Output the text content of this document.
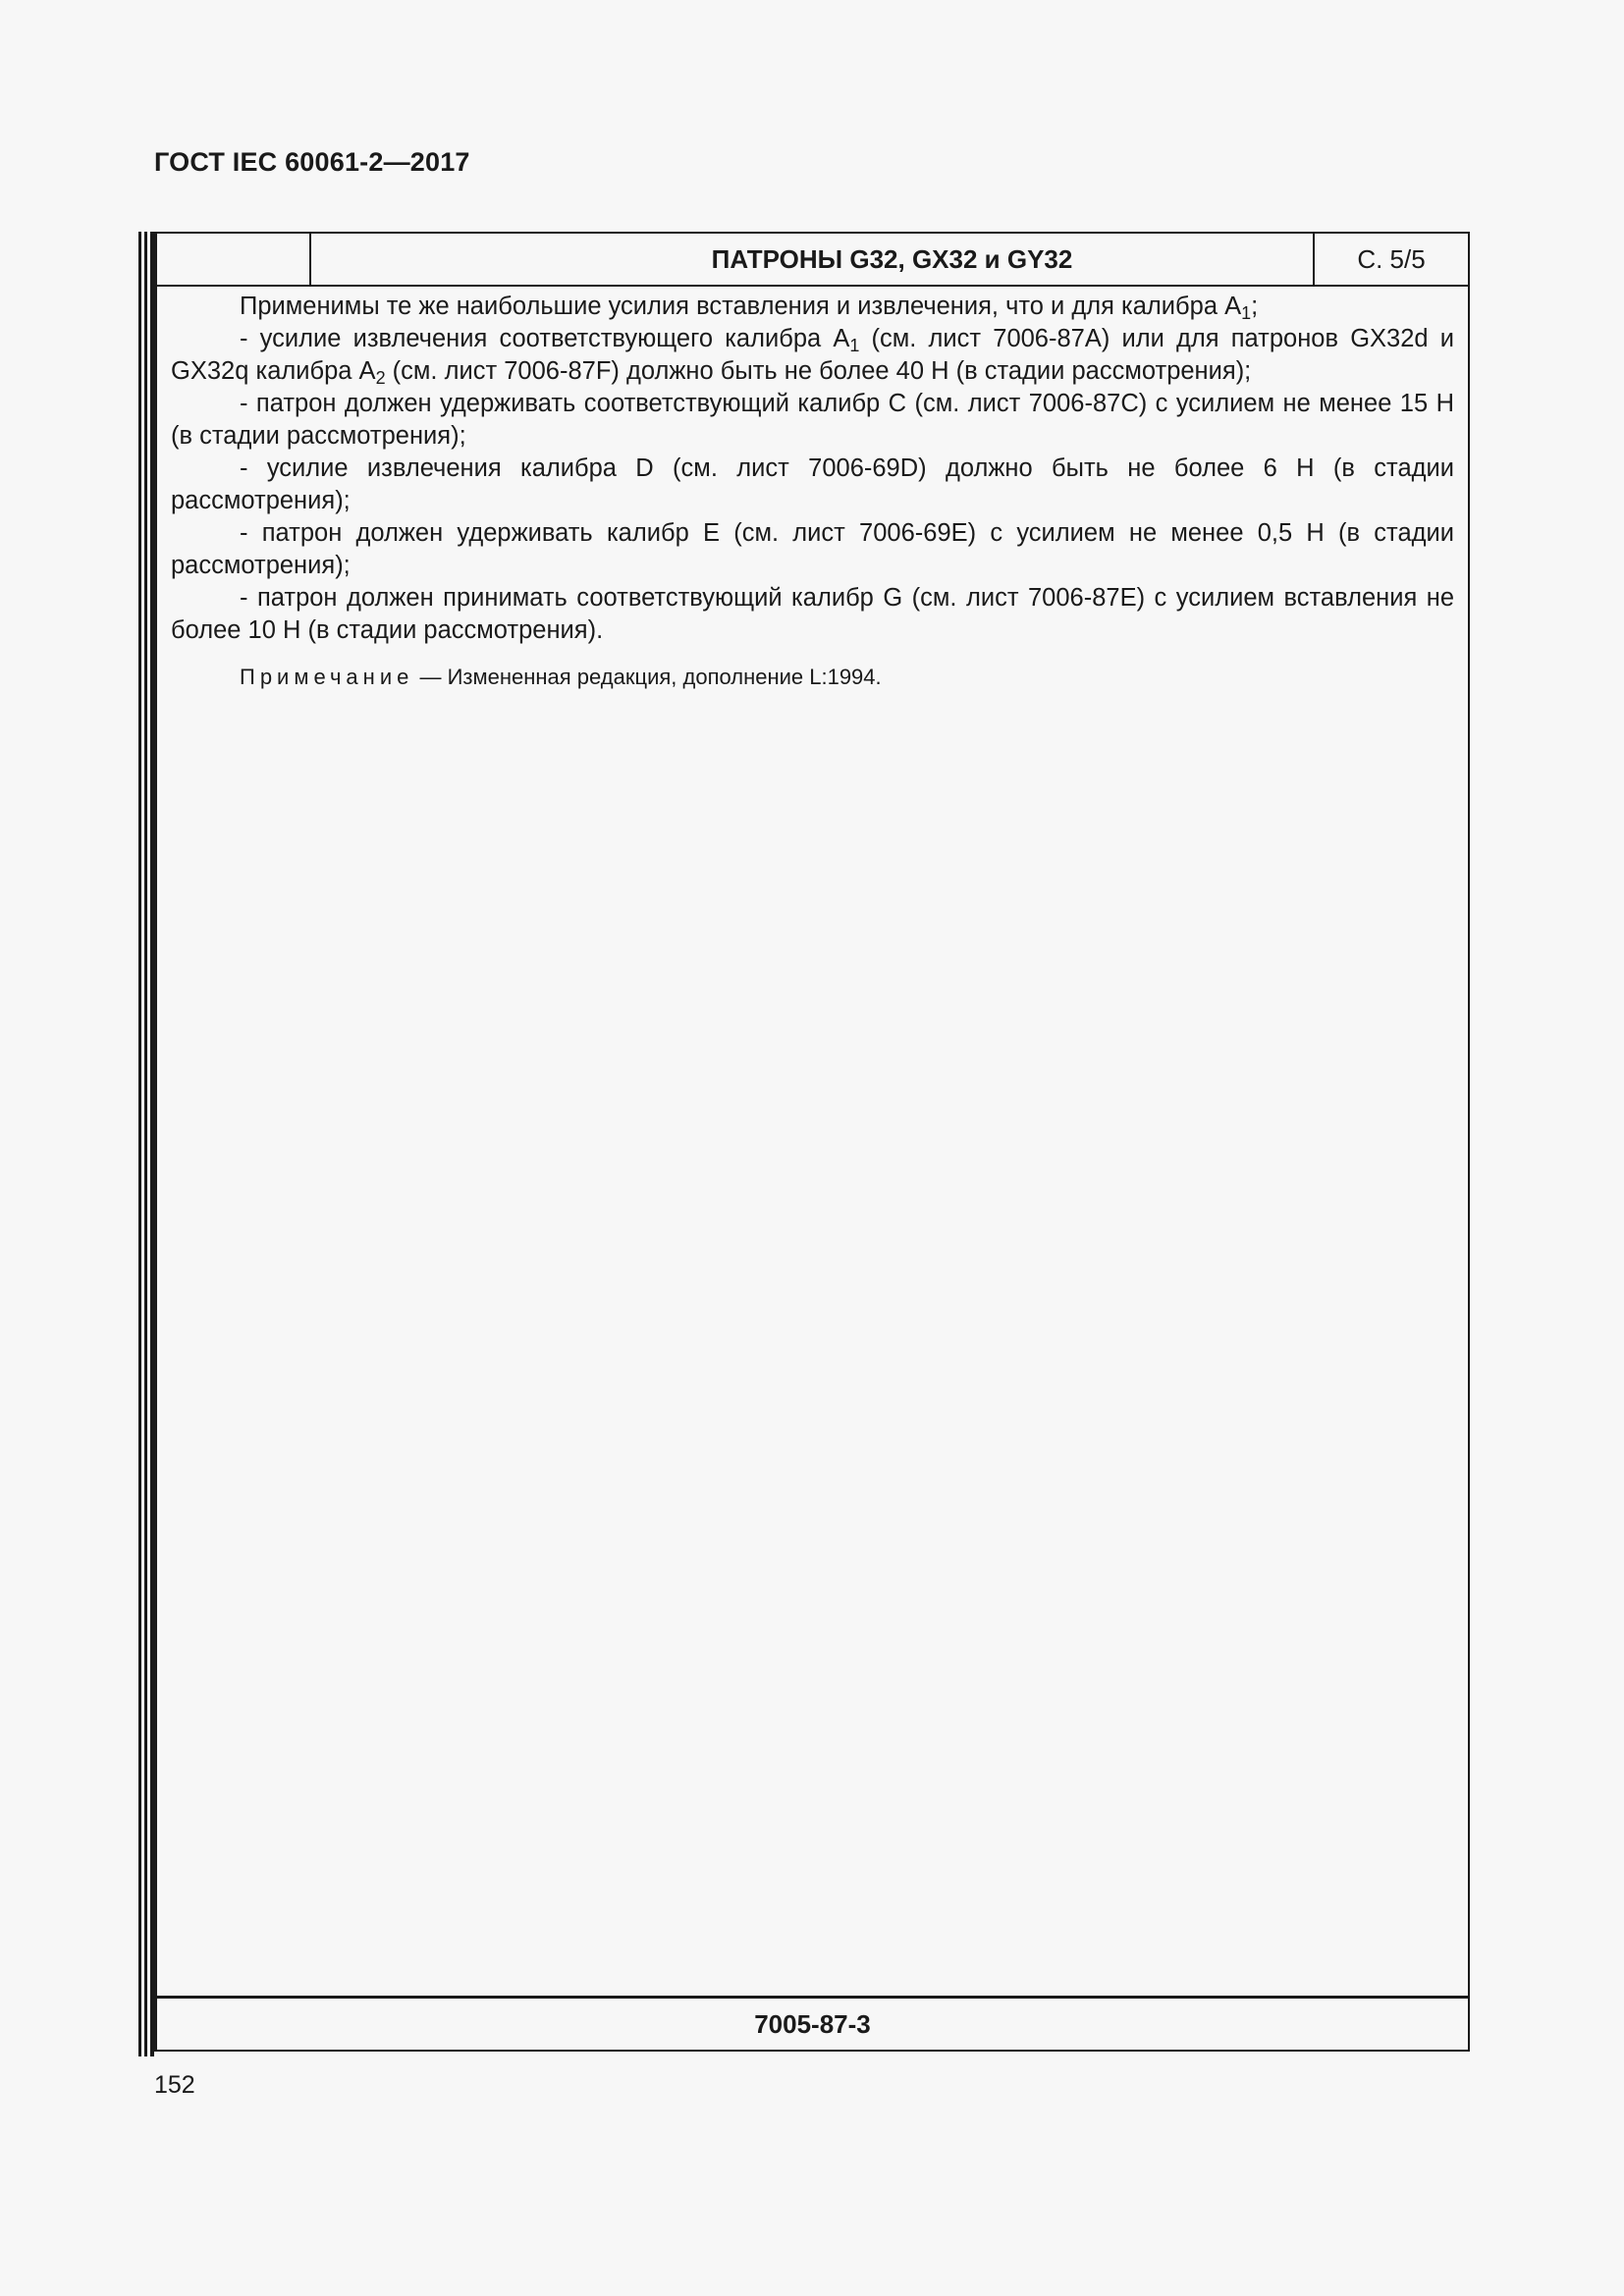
ГОСТ IEC 60061-2—2017
ПАТРОНЫ G32, GX32 и GY32	С. 5/5

Применимы те же наибольшие усилия вставления и извлечения, что и для калибра $A_1$;

- усилие извлечения соответствующего калибра $A_1$ (см. лист 7006-87A) или для патронов GX32d и GX32q калибра $A_2$ (см. лист 7006-87F) должно быть не более 40 Н (в стадии рассмотрения);

- патрон должен удерживать соответствующий калибр C (см. лист 7006-87C) с усилием не менее 15 Н (в стадии рассмотрения);

- усилие извлечения калибра D (см. лист 7006-69D) должно быть не более 6 Н (в стадии рассмотрения);

- патрон должен удерживать калибр E (см. лист 7006-69E) с усилием не менее 0,5 Н (в стадии рассмотрения);

- патрон должен принимать соответствующий калибр G (см. лист 7006-87E) с усилием вставления не более 10 Н (в стадии рассмотрения).

Примечание — Измененная редакция, дополнение L:1994.

7005-87-3
152
